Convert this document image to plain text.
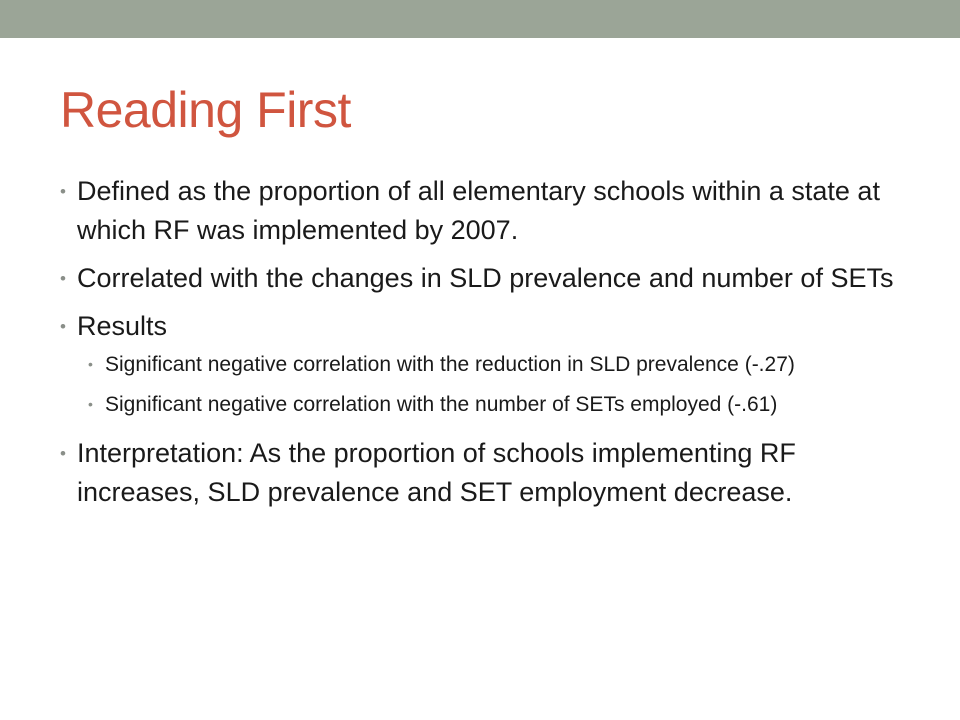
Reading First
• Defined as the proportion of all elementary schools within a state at which RF was implemented by 2007.
• Correlated with the changes in SLD prevalence and number of SETs
• Results
• Significant negative correlation with the reduction in SLD prevalence (-.27)
• Significant negative correlation with the number of SETs employed (-.61)
• Interpretation: As the proportion of schools implementing RF increases, SLD prevalence and SET employment decrease.
